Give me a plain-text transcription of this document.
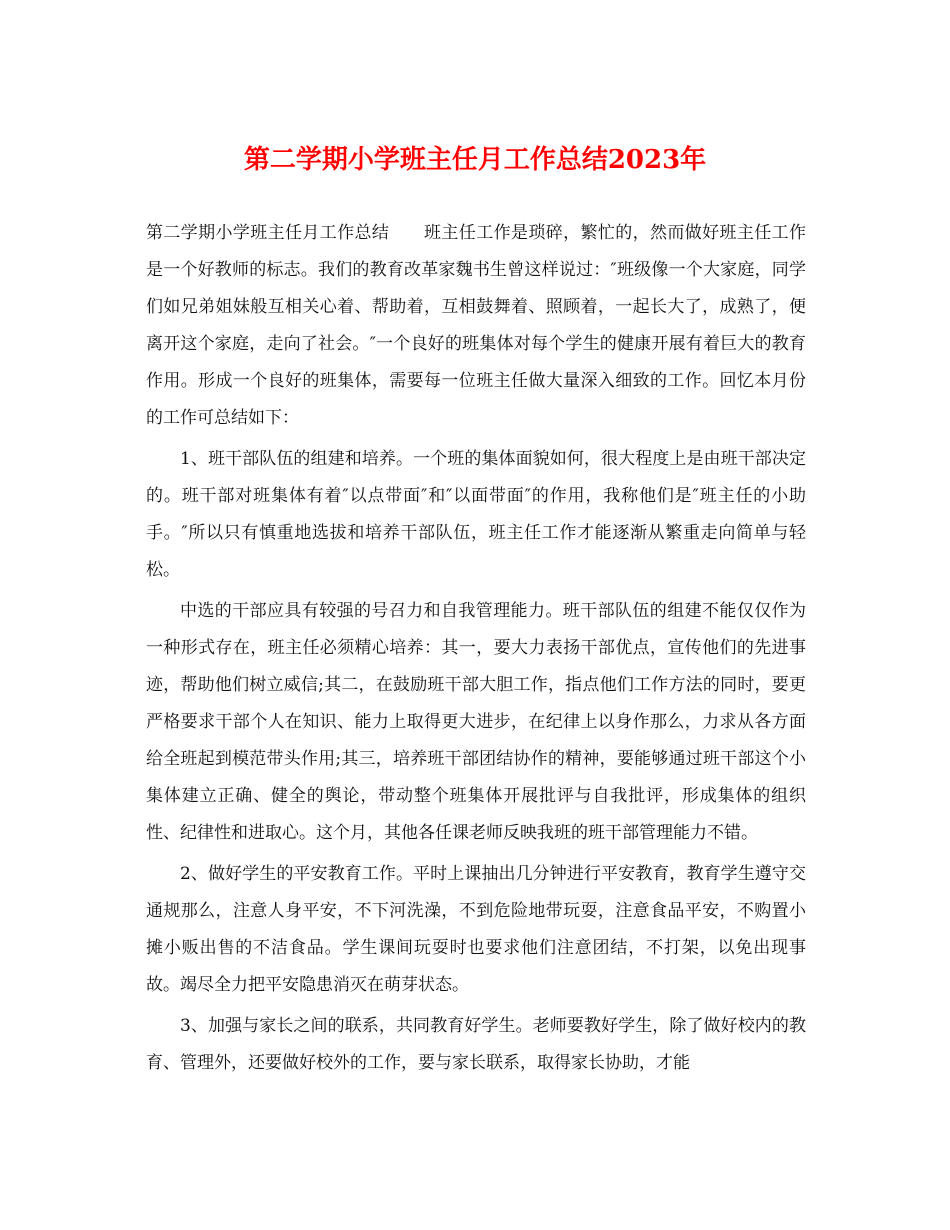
第二学期小学班主任月工作总结2023年

第二学期小学班主任月工作总结　　班主任工作是琐碎，繁忙的，然而做好班主任工作是一个好教师的标志。我们的教育改革家魏书生曾这样说过：″班级像一个大家庭，同学们如兄弟姐妹般互相关心着、帮助着，互相鼓舞着、照顾着，一起长大了，成熟了，便离开这个家庭，走向了社会。″一个良好的班集体对每个学生的健康开展有着巨大的教育作用。形成一个良好的班集体，需要每一位班主任做大量深入细致的工作。回忆本月份的工作可总结如下：

1、班干部队伍的组建和培养。一个班的集体面貌如何，很大程度上是由班干部决定的。班干部对班集体有着″以点带面″和″以面带面″的作用，我称他们是″班主任的小助手。″所以只有慎重地选拔和培养干部队伍，班主任工作才能逐渐从繁重走向简单与轻松。

中选的干部应具有较强的号召力和自我管理能力。班干部队伍的组建不能仅仅作为一种形式存在，班主任必须精心培养：其一，要大力表扬干部优点，宣传他们的先进事迹，帮助他们树立威信;其二，在鼓励班干部大胆工作，指点他们工作方法的同时，要更严格要求干部个人在知识、能力上取得更大进步，在纪律上以身作那么，力求从各方面给全班起到模范带头作用;其三，培养班干部团结协作的精神，要能够通过班干部这个小集体建立正确、健全的舆论，带动整个班集体开展批评与自我批评，形成集体的组织性、纪律性和进取心。这个月，其他各任课老师反映我班的班干部管理能力不错。

2、做好学生的平安教育工作。平时上课抽出几分钟进行平安教育，教育学生遵守交通规那么，注意人身平安，不下河洗澡，不到危险地带玩耍，注意食品平安，不购置小摊小贩出售的不洁食品。学生课间玩耍时也要求他们注意团结，不打架，以免出现事故。竭尽全力把平安隐患消灭在萌芽状态。

3、加强与家长之间的联系，共同教育好学生。老师要教好学生，除了做好校内的教育、管理外，还要做好校外的工作，要与家长联系，取得家长协助，才能
